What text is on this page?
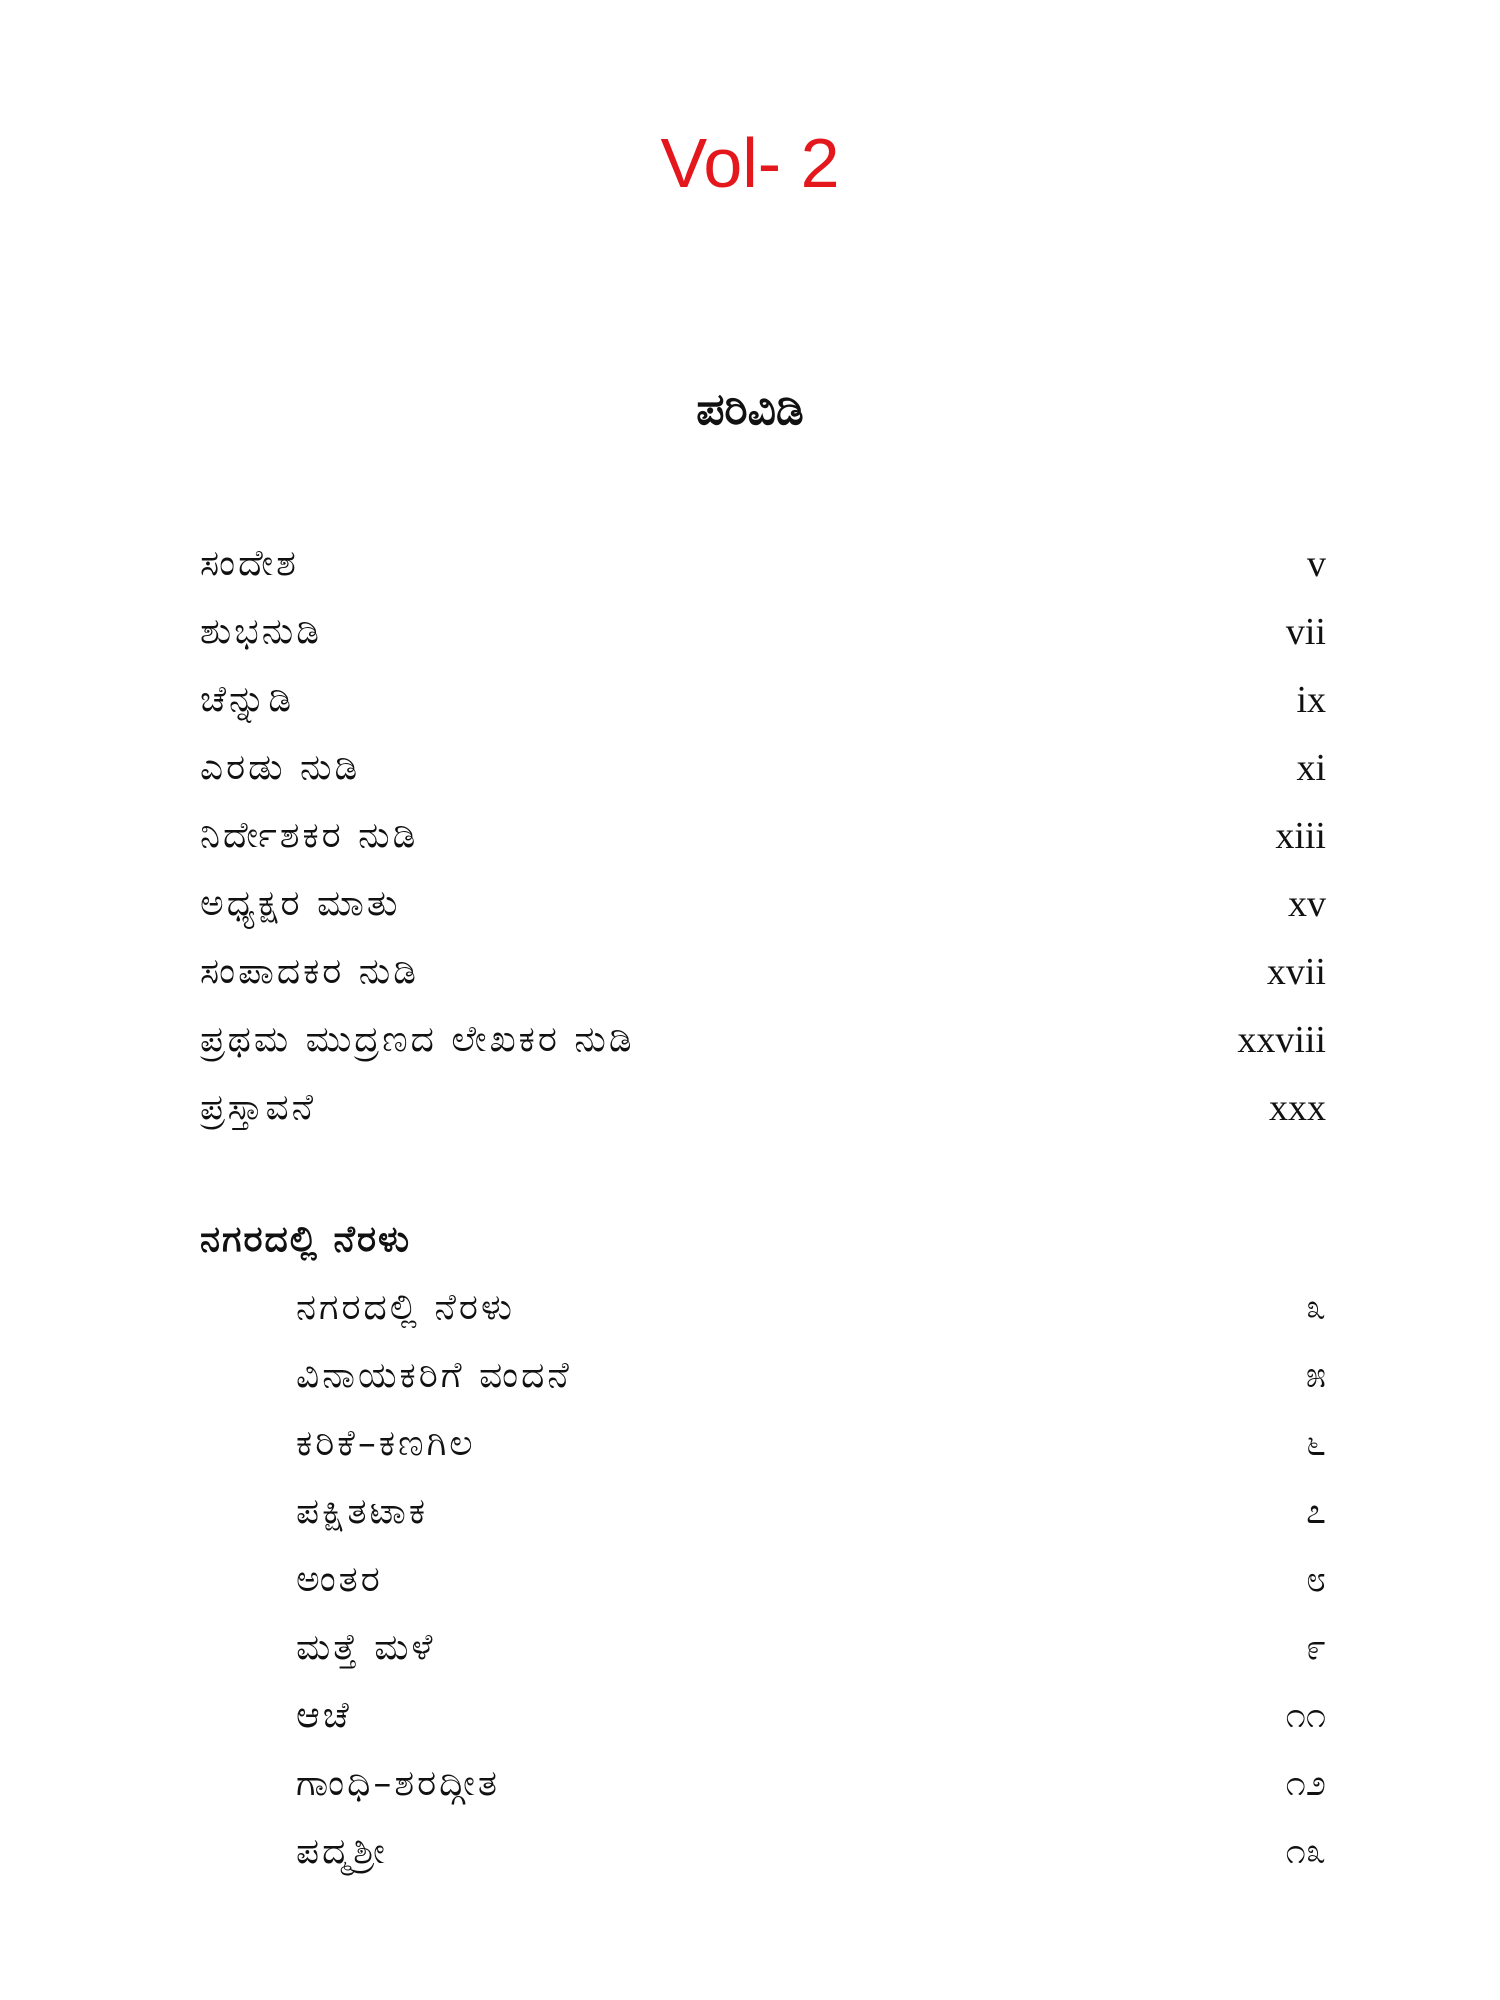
Vol- 2
ಪರಿವಿಡಿ
ಸಂದೇಶ	v
ಶುಭನುಡಿ	vii
ಚೆನ್ನುಡಿ	ix
ಎರಡು ನುಡಿ	xi
ನಿರ್ದೇಶಕರ ನುಡಿ	xiii
ಅಧ್ಯಕ್ಷರ ಮಾತು	xv
ಸಂಪಾದಕರ ನುಡಿ	xvii
ಪ್ರಥಮ ಮುದ್ರಣದ ಲೇಖಕರ ನುಡಿ	xxviii
ಪ್ರಸ್ತಾವನೆ	xxx
ನಗರದಲ್ಲಿ ನೆರಳು
ನಗರದಲ್ಲಿ ನೆರಳು	೩
ವಿನಾಯಕರಿಗೆ ವಂದನೆ	೫
ಕರಿಕೆ–ಕಣಗಿಲ	೬
ಪಕ್ಷಿತಟಾಕ	೭
ಅಂತರ	೮
ಮತ್ತೆ ಮಳೆ	೯
ಆಚೆ	೧೧
ಗಾಂಧಿ–ಶರದ್ಗೀತ	೧೨
ಪದ್ಮಶ್ರೀ	೧೩
